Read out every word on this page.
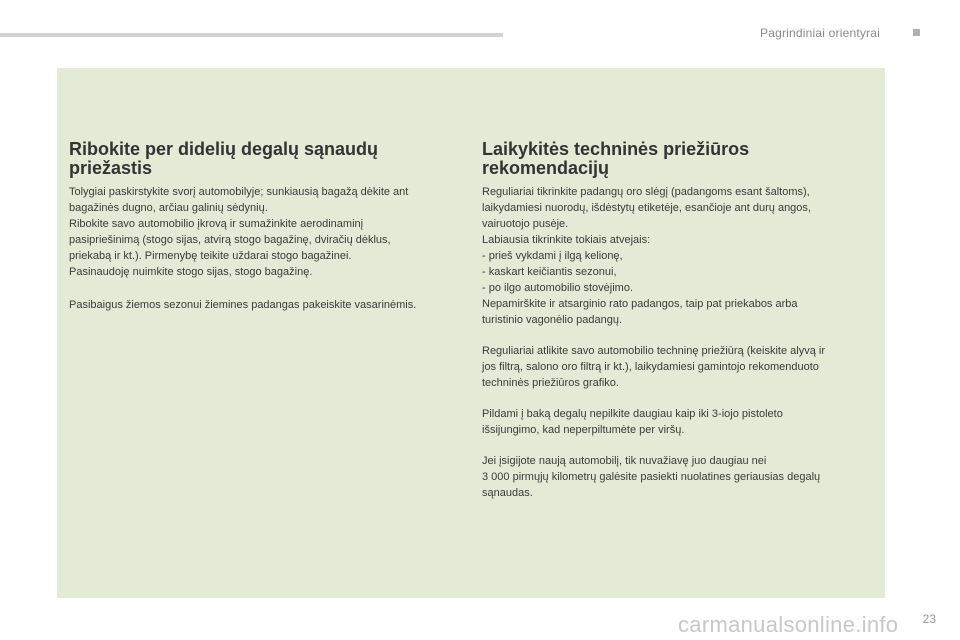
Pagrindiniai orientyrai
Ribokite per didelių degalų sąnaudų
priežastis

Tolygiai paskirstykite svorį automobilyje; sunkiausią bagažą dėkite ant
bagažinės dugno, arčiau galinių sėdynių.
Ribokite savo automobilio įkrovą ir sumažinkite aerodinaminį
pasipriešinimą (stogo sijas, atvirą stogo bagažinę, dviračių dėklus,
priekabą ir kt.). Pirmenybę teikite uždarai stogo bagažinei.
Pasinaudoję nuimkite stogo sijas, stogo bagažinę.

Pasibaigus žiemos sezonui žiemines padangas pakeiskite vasarinėmis.

Laikykitės techninės priežiūros
rekomendacijų

Reguliariai tikrinkite padangų oro slėgį (padangoms esant šaltoms),
laikydamiesi nuorodų, išdėstytų etiketėje, esančioje ant durų angos,
vairuotojo pusėje.
Labiausia tikrinkite tokiais atvejais:
- prieš vykdami į ilgą kelionę,
- kaskart keičiantis sezonui,
- po ilgo automobilio stovėjimo.
Nepamirškite ir atsarginio rato padangos, taip pat priekabos arba
turistinio vagonėlio padangų.

Reguliariai atlikite savo automobilio techninę priežiūrą (keiskite alyvą ir
jos filtrą, salono oro filtrą ir kt.), laikydamiesi gamintojo rekomenduoto
techninės priežiūros grafiko.

Pildami į baką degalų nepilkite daugiau kaip iki 3-iojo pistoleto
išsijungimo, kad neperpiltumėte per viršų.

Jei įsigijote naują automobilį, tik nuvažiavę juo daugiau nei
3 000 pirmųjų kilometrų galėsite pasiekti nuolatines geriausias degalų
sąnaudas.

carmanualsonline.info 23
